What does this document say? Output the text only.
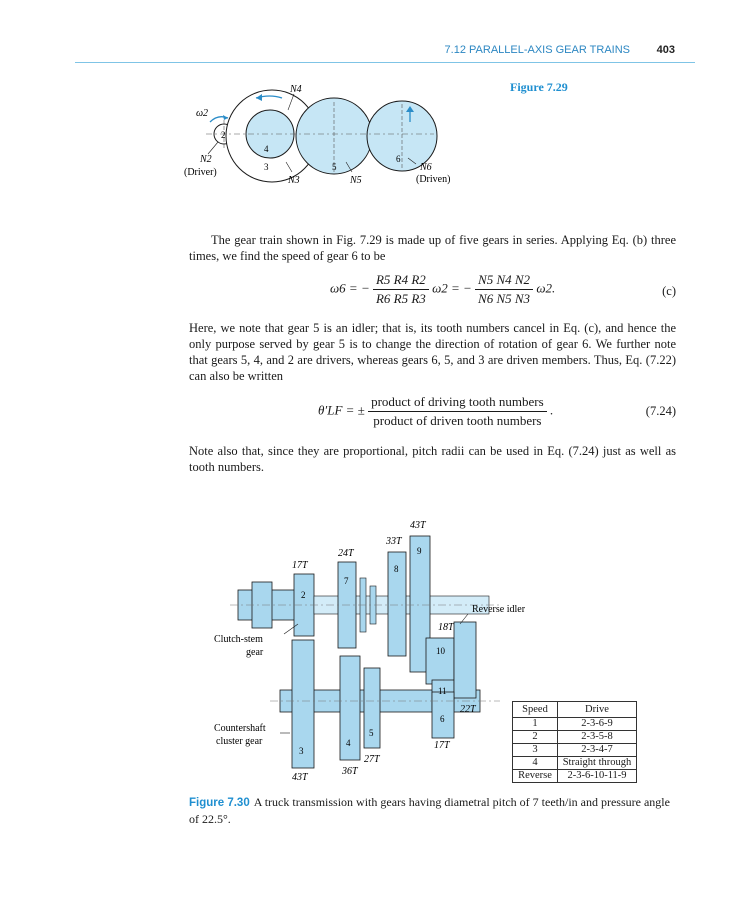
7.12 PARALLEL-AXIS GEAR TRAINS	403
Figure 7.29
ω2
N4
2
N2
(Driver)
4
3
N3
5
N5
6
N6
(Driven)

The gear train shown in Fig. 7.29 is made up of five gears in series. Applying Eq. (b) three times, we find the speed of gear 6 to be

ω6 = − $\frac{R5 R4 R2}{R6 R5 R3} \omega 2$ = − $\frac{N5 N4 N2}{N6 N5 N3} \omega 2$.	(c)

Here, we note that gear 5 is an idler; that is, its tooth numbers cancel in Eq. (c), and hence the only purpose served by gear 5 is to change the direction of rotation of gear 6. We further note that gears 5, 4, and 2 are drivers, whereas gears 6, 5, and 3 are driven members. Thus, Eq. (7.22) can also be written

θ′LF = ± $\frac{\text{product of driving tooth numbers}}{\text{product of driven tooth numbers}}$ .	(7.24)

Note also that, since they are proportional, pitch radii can be used in Eq. (7.24) just as well as tooth numbers.

43T
33T
24T
17T
9
8
7
2
Reverse idler
18T
10
Clutch-stem
gear
11
22T
6
17T
Countershaft
cluster gear
5
4
3
27T
36T
43T
Speed	Drive
1	2-3-6-9
2	2-3-5-8
3	2-3-4-7
4	Straight through
Reverse	2-3-6-10-11-9

Figure 7.30 A truck transmission with gears having diametral pitch of 7 teeth/in and pressure angle of 22.5°.
